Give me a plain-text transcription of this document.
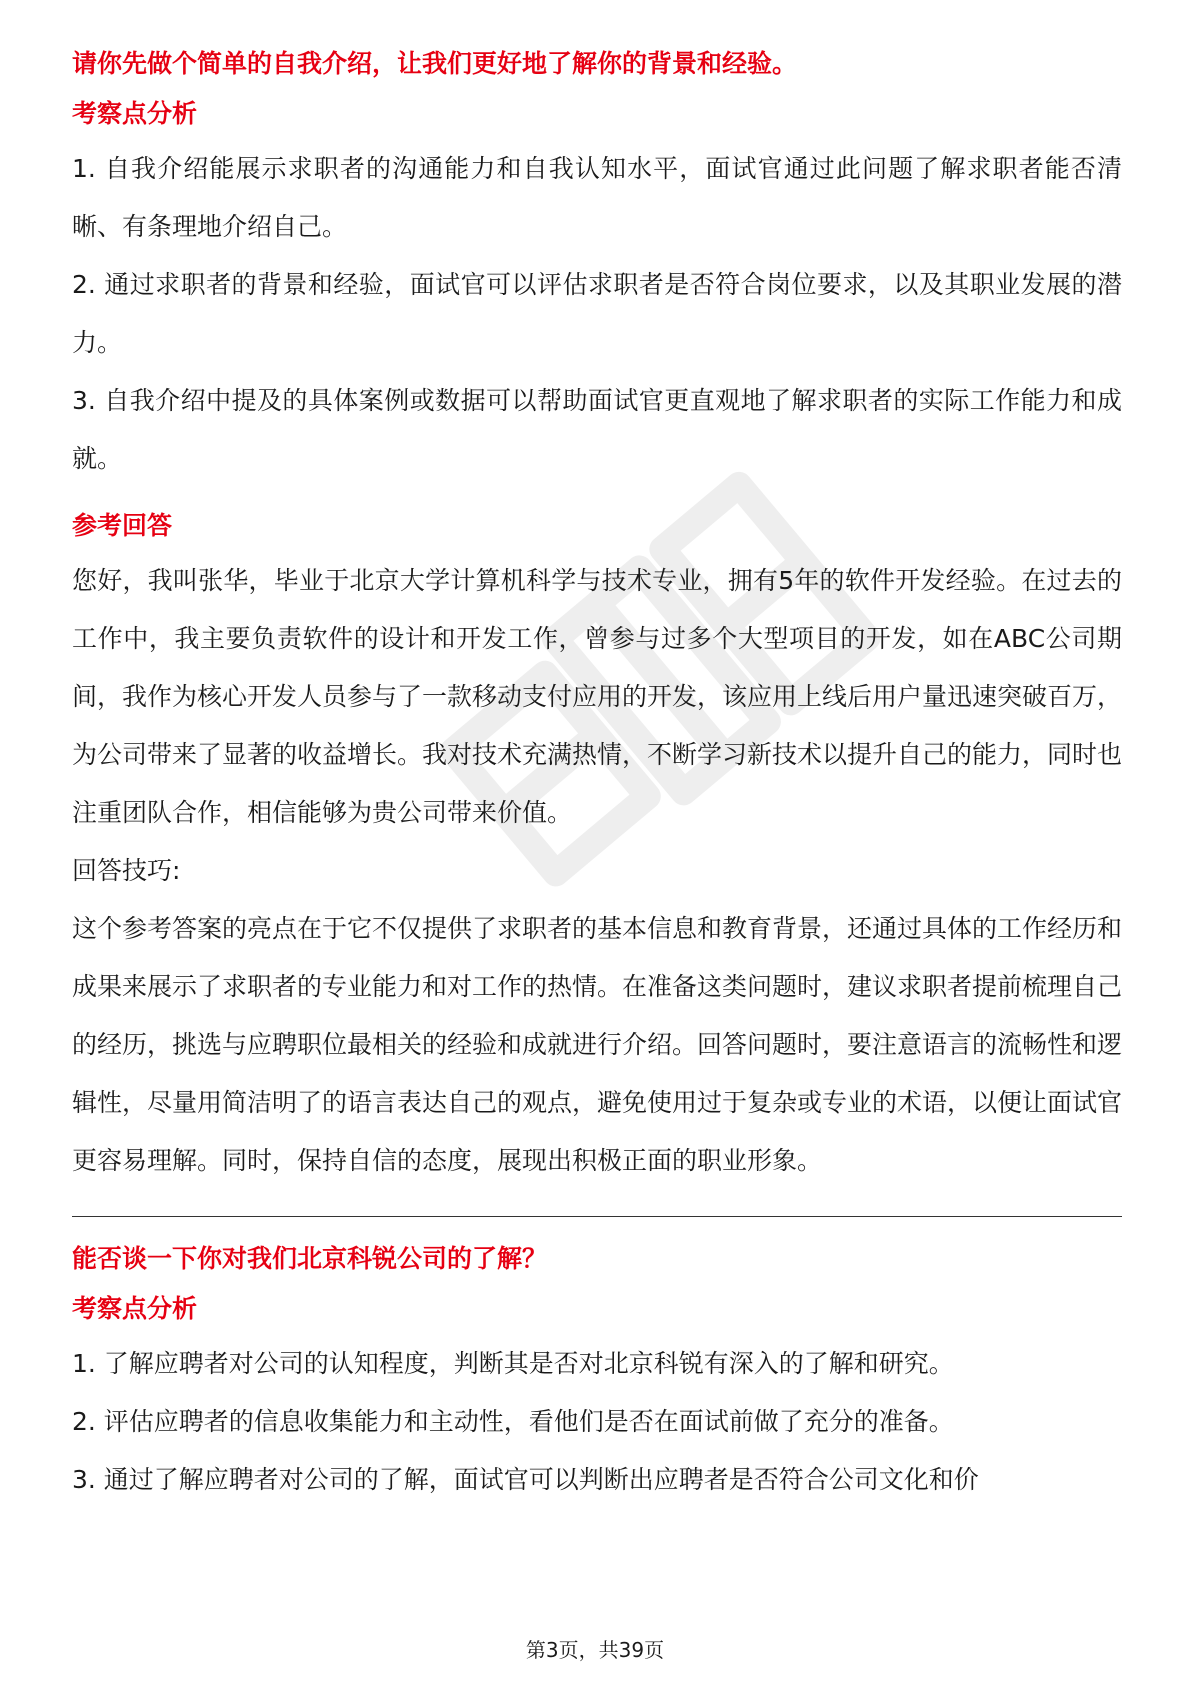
请你先做个简单的自我介绍，让我们更好地了解你的背景和经验。
考察点分析

1. 自我介绍能展示求职者的沟通能力和自我认知水平，面试官通过此问题了解求职者能否清晰、有条理地介绍自己。

2. 通过求职者的背景和经验，面试官可以评估求职者是否符合岗位要求，以及其职业发展的潜力。

3. 自我介绍中提及的具体案例或数据可以帮助面试官更直观地了解求职者的实际工作能力和成就。

参考回答

您好，我叫张华，毕业于北京大学计算机科学与技术专业，拥有5年的软件开发经验。在过去的工作中，我主要负责软件的设计和开发工作，曾参与过多个大型项目的开发，如在ABC公司期间，我作为核心开发人员参与了一款移动支付应用的开发，该应用上线后用户量迅速突破百万，为公司带来了显著的收益增长。我对技术充满热情，不断学习新技术以提升自己的能力，同时也注重团队合作，相信能够为贵公司带来价值。

回答技巧:

这个参考答案的亮点在于它不仅提供了求职者的基本信息和教育背景，还通过具体的工作经历和成果来展示了求职者的专业能力和对工作的热情。在准备这类问题时，建议求职者提前梳理自己的经历，挑选与应聘职位最相关的经验和成就进行介绍。回答问题时，要注意语言的流畅性和逻辑性，尽量用简洁明了的语言表达自己的观点，避免使用过于复杂或专业的术语，以便让面试官更容易理解。同时，保持自信的态度，展现出积极正面的职业形象。

能否谈一下你对我们北京科锐公司的了解？
考察点分析

1. 了解应聘者对公司的认知程度，判断其是否对北京科锐有深入的了解和研究。

2. 评估应聘者的信息收集能力和主动性，看他们是否在面试前做了充分的准备。

3. 通过了解应聘者对公司的了解，面试官可以判断出应聘者是否符合公司文化和价

第3页，共39页
